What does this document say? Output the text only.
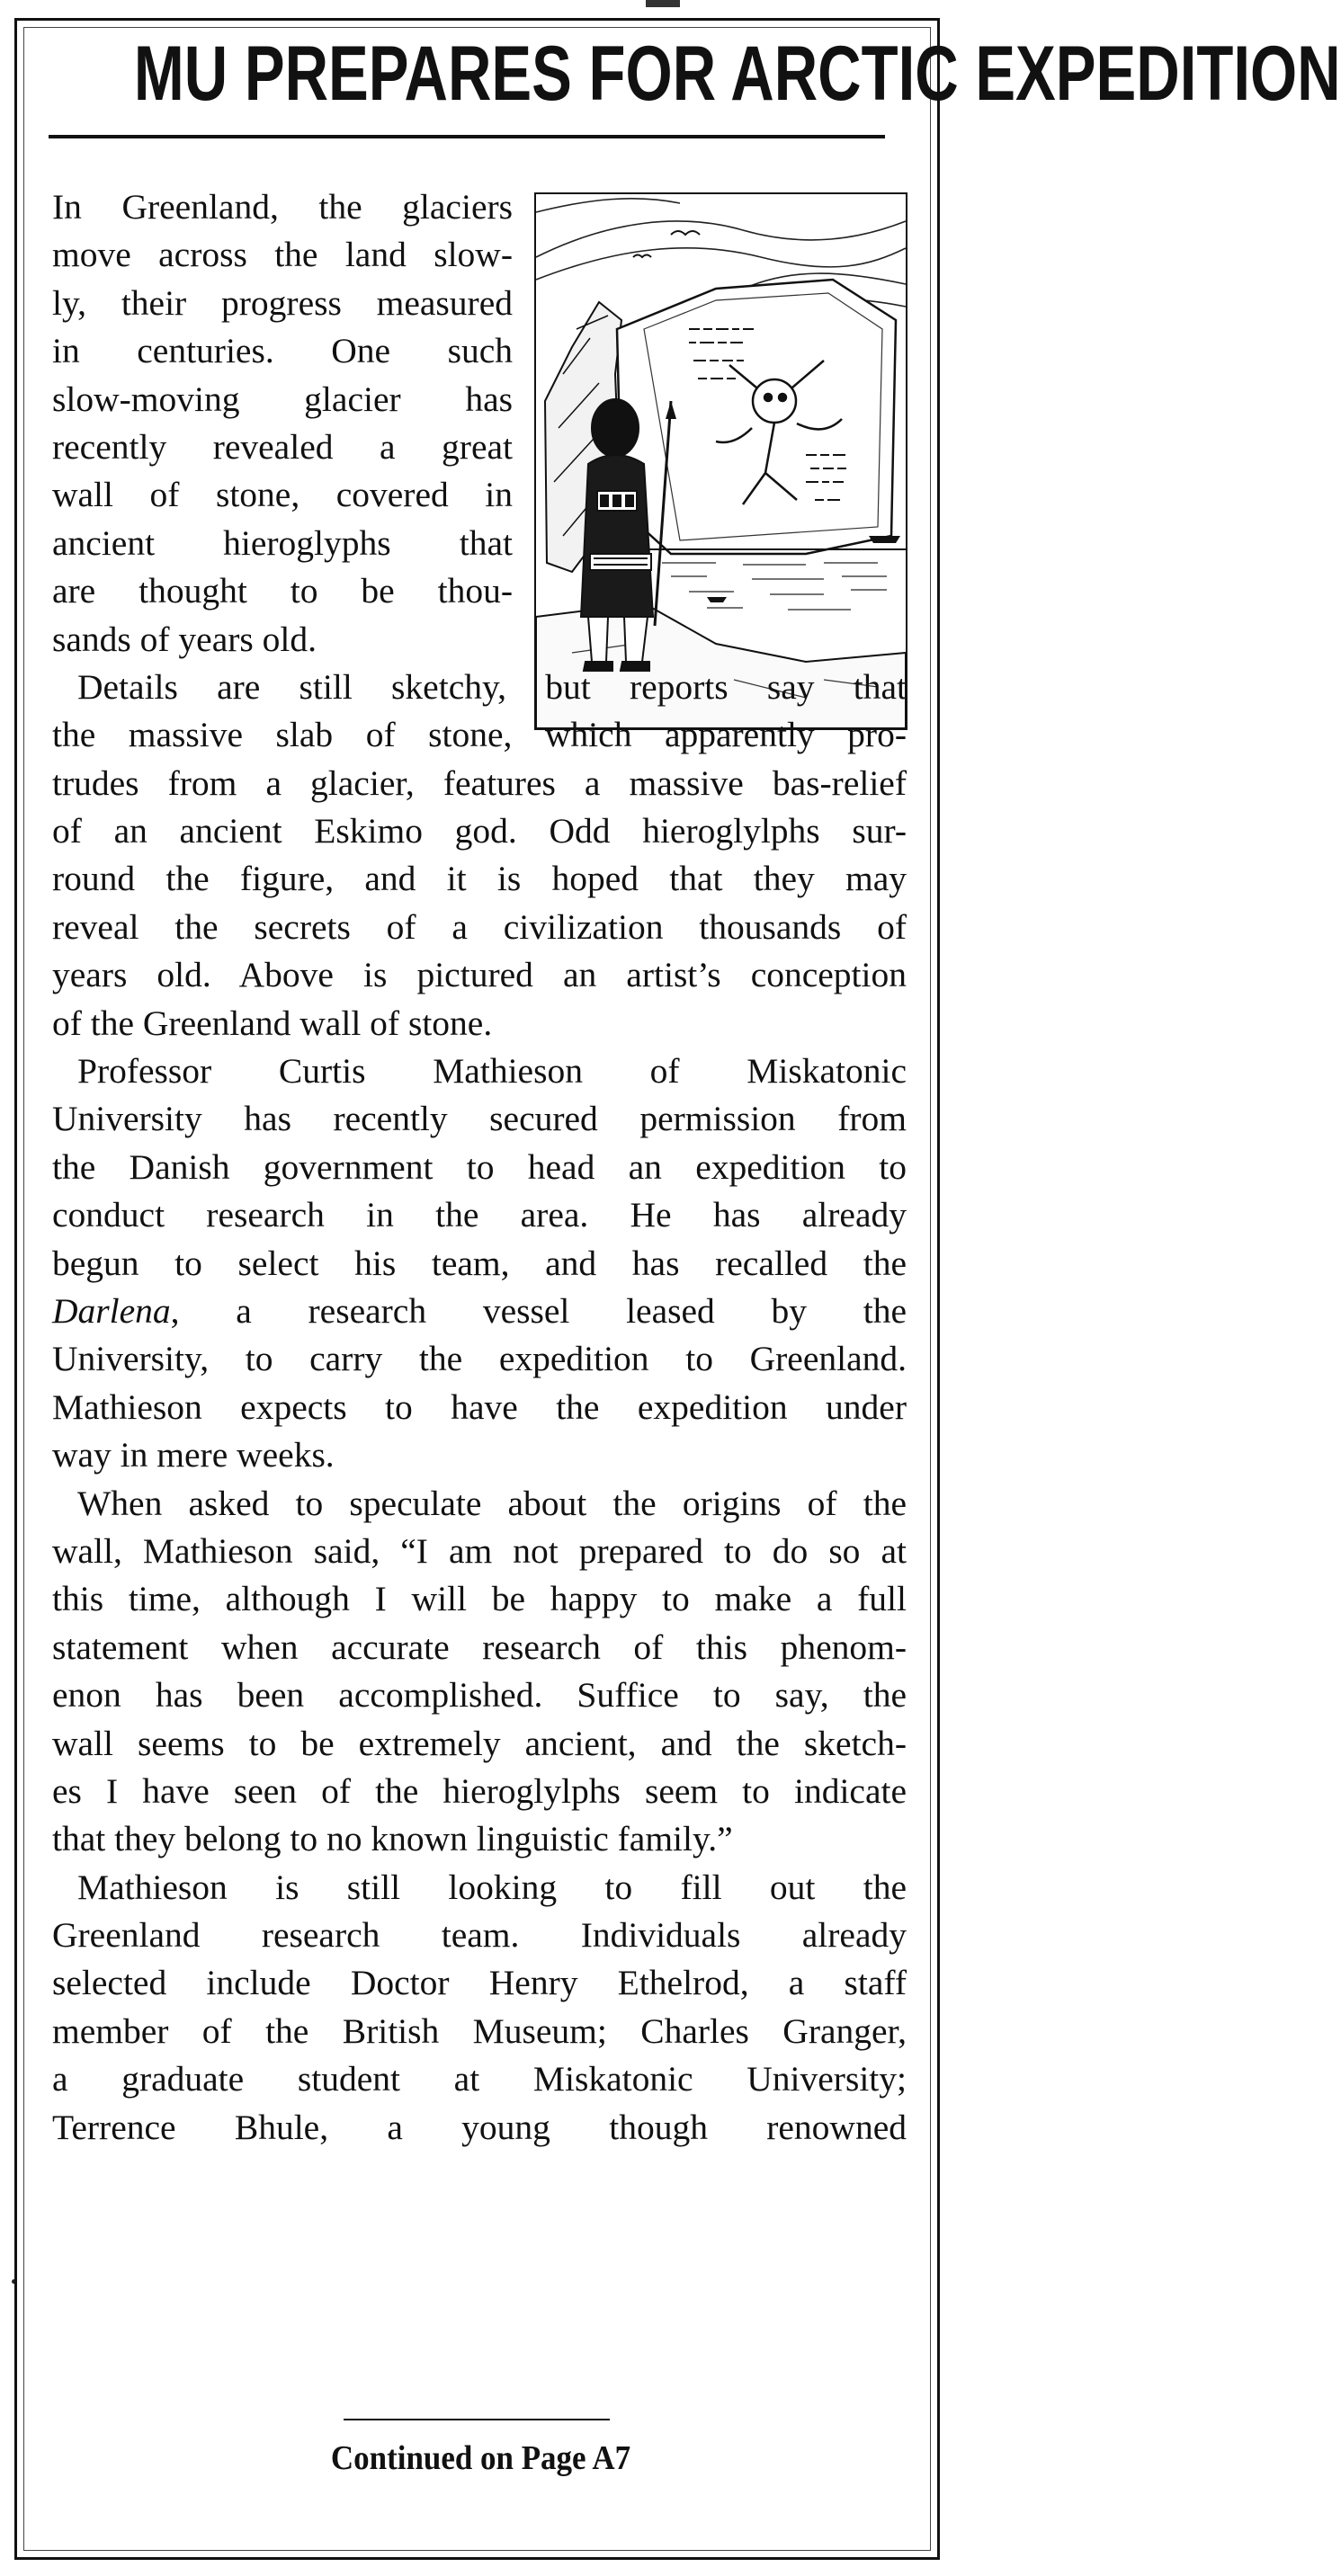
MU PREPARES FOR ARCTIC EXPEDITION
In Greenland, the glaciers
move across the land slow-
ly, their progress measured
in centuries. One such
slow-moving glacier has
recently revealed a great
wall of stone, covered in
ancient hieroglyphs that
are thought to be thou-
sands of years old.
Details are still sketchy, but reports say that
the massive slab of stone, which apparently pro-
trudes from a glacier, features a massive bas-relief
of an ancient Eskimo god. Odd hieroglylphs sur-
round the figure, and it is hoped that they may
reveal the secrets of a civilization thousands of
years old. Above is pictured an artist’s conception
of the Greenland wall of stone.
Professor Curtis Mathieson of Miskatonic
University has recently secured permission from
the Danish government to head an expedition to
conduct research in the area. He has already
begun to select his team, and has recalled the
Darlena, a research vessel leased by the
University, to carry the expedition to Greenland.
Mathieson expects to have the expedition under
way in mere weeks.
When asked to speculate about the origins of the
wall, Mathieson said, “I am not prepared to do so at
this time, although I will be happy to make a full
statement when accurate research of this phenom-
enon has been accomplished. Suffice to say, the
wall seems to be extremely ancient, and the sketch-
es I have seen of the hieroglylphs seem to indicate
that they belong to no known linguistic family.”
Mathieson is still looking to fill out the
Greenland research team. Individuals already
selected include Doctor Henry Ethelrod, a staff
member of the British Museum; Charles Granger,
a graduate student at Miskatonic University;
Terrence Bhule, a young though renowned
Continued on Page A7
